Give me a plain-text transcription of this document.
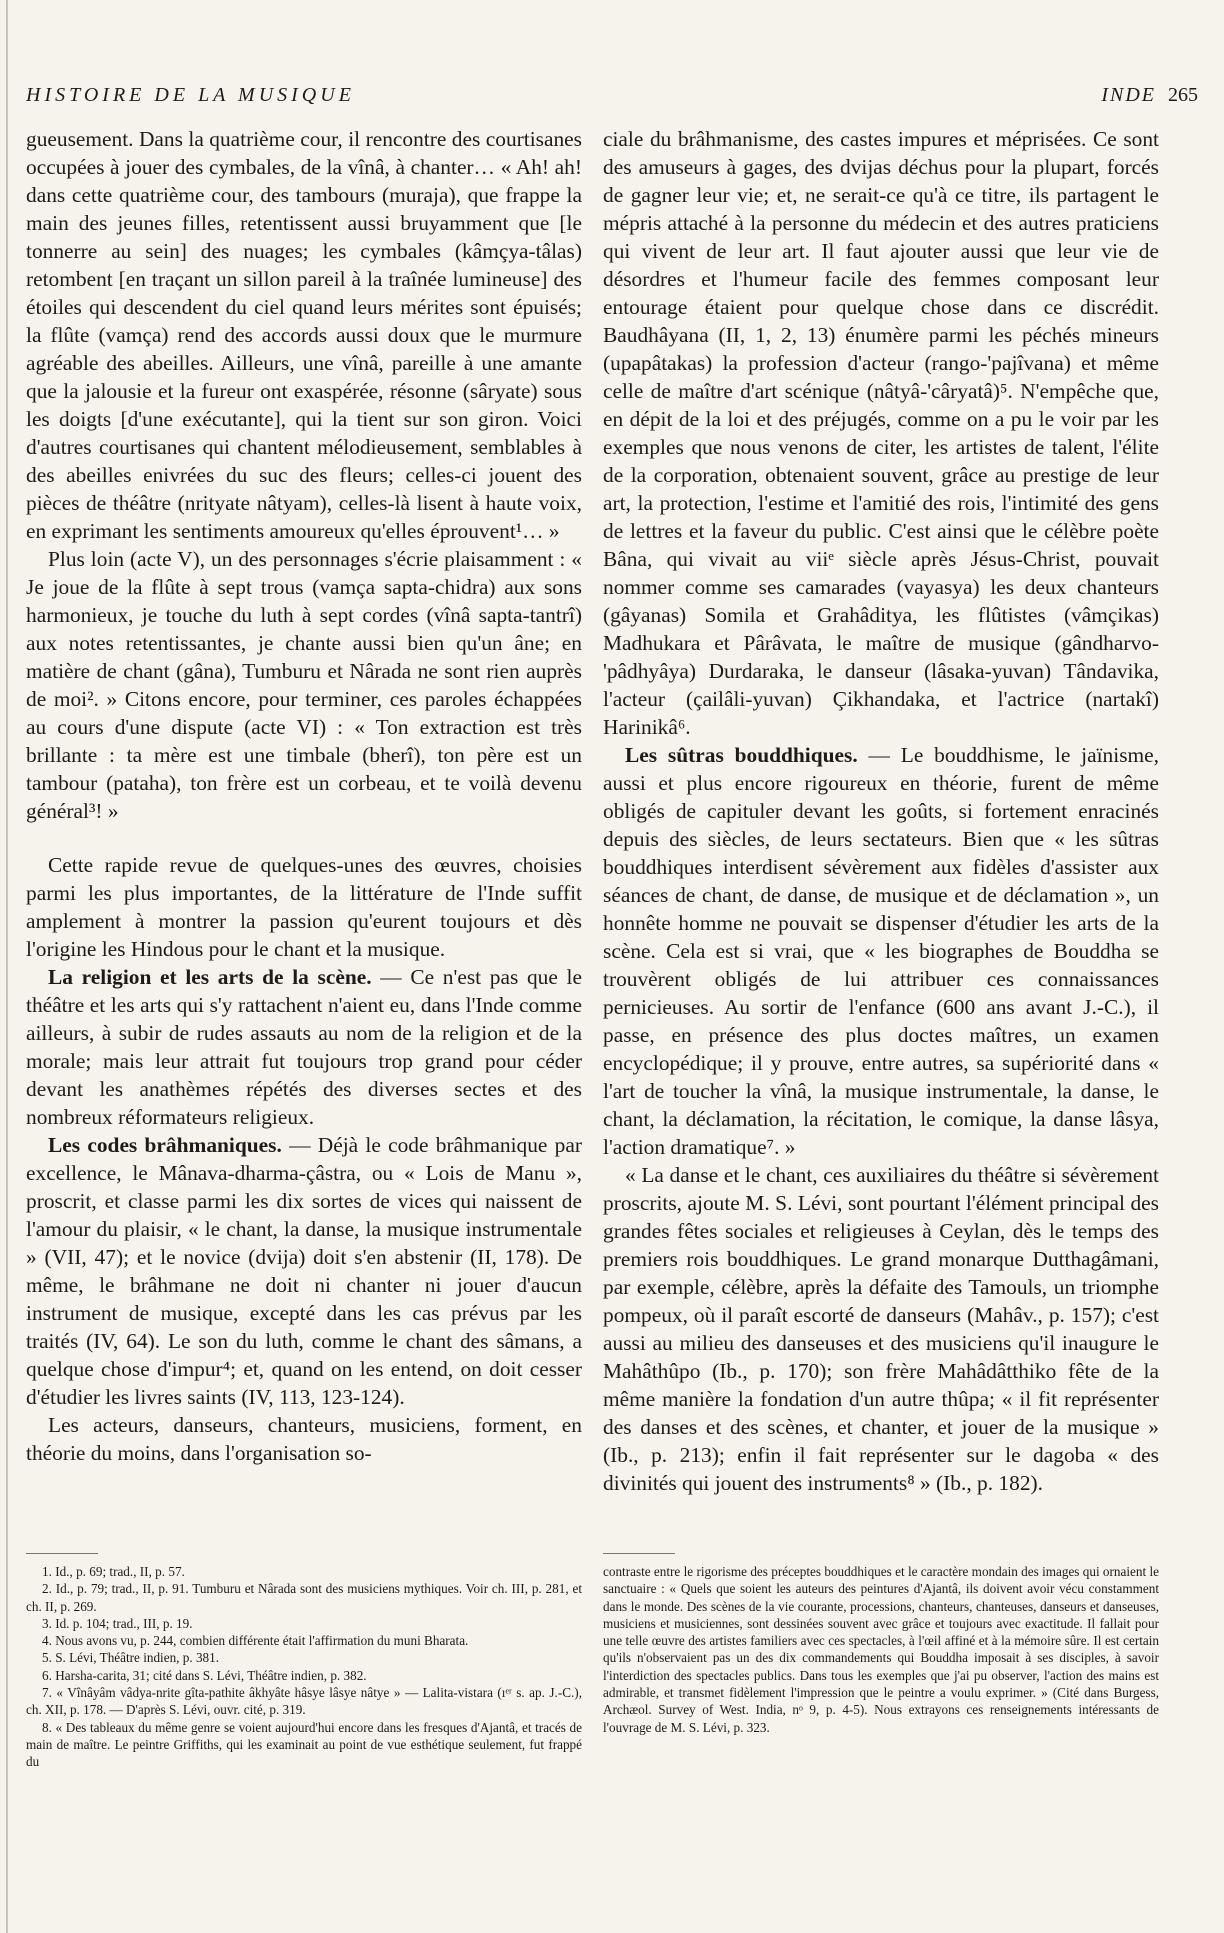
HISTOIRE DE LA MUSIQUE	INDE 265

gueusement. Dans la quatrième cour, il rencontre des courtisanes occupées à jouer des cymbales, de la vînâ, à chanter… « Ah! ah! dans cette quatrième cour, des tambours (muraja), que frappe la main des jeunes filles, retentissent aussi bruyamment que [le tonnerre au sein] des nuages; les cymbales (kâmçya-tâlas) retombent [en traçant un sillon pareil à la traînée lumineuse] des étoiles qui descendent du ciel quand leurs mérites sont épuisés; la flûte (vamça) rend des accords aussi doux que le murmure agréable des abeilles. Ailleurs, une vînâ, pareille à une amante que la jalousie et la fureur ont exaspérée, résonne (sâryate) sous les doigts [d'une exécutante], qui la tient sur son giron. Voici d'autres courtisanes qui chantent mélodieusement, semblables à des abeilles enivrées du suc des fleurs; celles-ci jouent des pièces de théâtre (nrityate nâtyam), celles-là lisent à haute voix, en exprimant les sentiments amoureux qu'elles éprouvent¹… »

Plus loin (acte V), un des personnages s'écrie plaisamment : « Je joue de la flûte à sept trous (vamça sapta-chidra) aux sons harmonieux, je touche du luth à sept cordes (vînâ sapta-tantrî) aux notes retentissantes, je chante aussi bien qu'un âne; en matière de chant (gâna), Tumburu et Nârada ne sont rien auprès de moi². » Citons encore, pour terminer, ces paroles échappées au cours d'une dispute (acte VI) : « Ton extraction est très brillante : ta mère est une timbale (bherî), ton père est un tambour (pataha), ton frère est un corbeau, et te voilà devenu général³! »

Cette rapide revue de quelques-unes des œuvres, choisies parmi les plus importantes, de la littérature de l'Inde suffit amplement à montrer la passion qu'eurent toujours et dès l'origine les Hindous pour le chant et la musique.

La religion et les arts de la scène. — Ce n'est pas que le théâtre et les arts qui s'y rattachent n'aient eu, dans l'Inde comme ailleurs, à subir de rudes assauts au nom de la religion et de la morale; mais leur attrait fut toujours trop grand pour céder devant les anathèmes répétés des diverses sectes et des nombreux réformateurs religieux.

Les codes brâhmaniques. — Déjà le code brâhmanique par excellence, le Mânava-dharma-çâstra, ou « Lois de Manu », proscrit, et classe parmi les dix sortes de vices qui naissent de l'amour du plaisir, « le chant, la danse, la musique instrumentale » (VII, 47); et le novice (dvija) doit s'en abstenir (II, 178). De même, le brâhmane ne doit ni chanter ni jouer d'aucun instrument de musique, excepté dans les cas prévus par les traités (IV, 64). Le son du luth, comme le chant des sâmans, a quelque chose d'impur⁴; et, quand on les entend, on doit cesser d'étudier les livres saints (IV, 113, 123-124).

Les acteurs, danseurs, chanteurs, musiciens, forment, en théorie du moins, dans l'organisation so-

ciale du brâhmanisme, des castes impures et méprisées. Ce sont des amuseurs à gages, des dvijas déchus pour la plupart, forcés de gagner leur vie; et, ne serait-ce qu'à ce titre, ils partagent le mépris attaché à la personne du médecin et des autres praticiens qui vivent de leur art. Il faut ajouter aussi que leur vie de désordres et l'humeur facile des femmes composant leur entourage étaient pour quelque chose dans ce discrédit. Baudhâyana (II, 1, 2, 13) énumère parmi les péchés mineurs (upapâtakas) la profession d'acteur (rango-'pajîvana) et même celle de maître d'art scénique (nâtyâ-'câryatâ)⁵. N'empêche que, en dépit de la loi et des préjugés, comme on a pu le voir par les exemples que nous venons de citer, les artistes de talent, l'élite de la corporation, obtenaient souvent, grâce au prestige de leur art, la protection, l'estime et l'amitié des rois, l'intimité des gens de lettres et la faveur du public. C'est ainsi que le célèbre poète Bâna, qui vivait au viiᵉ siècle après Jésus-Christ, pouvait nommer comme ses camarades (vayasya) les deux chanteurs (gâyanas) Somila et Grahâditya, les flûtistes (vâmçikas) Madhukara et Pârâvata, le maître de musique (gândharvo-'pâdhyâya) Durdaraka, le danseur (lâsaka-yuvan) Tândavika, l'acteur (çailâli-yuvan) Çikhandaka, et l'actrice (nartakî) Harinikâ⁶.

Les sûtras bouddhiques. — Le bouddhisme, le jaïnisme, aussi et plus encore rigoureux en théorie, furent de même obligés de capituler devant les goûts, si fortement enracinés depuis des siècles, de leurs sectateurs. Bien que « les sûtras bouddhiques interdisent sévèrement aux fidèles d'assister aux séances de chant, de danse, de musique et de déclamation », un honnête homme ne pouvait se dispenser d'étudier les arts de la scène. Cela est si vrai, que « les biographes de Bouddha se trouvèrent obligés de lui attribuer ces connaissances pernicieuses. Au sortir de l'enfance (600 ans avant J.-C.), il passe, en présence des plus doctes maîtres, un examen encyclopédique; il y prouve, entre autres, sa supériorité dans « l'art de toucher la vînâ, la musique instrumentale, la danse, le chant, la déclamation, la récitation, le comique, la danse lâsya, l'action dramatique⁷. »

« La danse et le chant, ces auxiliaires du théâtre si sévèrement proscrits, ajoute M. S. Lévi, sont pourtant l'élément principal des grandes fêtes sociales et religieuses à Ceylan, dès le temps des premiers rois bouddhiques. Le grand monarque Dutthagâmani, par exemple, célèbre, après la défaite des Tamouls, un triomphe pompeux, où il paraît escorté de danseurs (Mahâv., p. 157); c'est aussi au milieu des danseuses et des musiciens qu'il inaugure le Mahâthûpo (Ib., p. 170); son frère Mahâdâtthiko fête de la même manière la fondation d'un autre thûpa; « il fit représenter des danses et des scènes, et chanter, et jouer de la musique » (Ib., p. 213); enfin il fait représenter sur le dagoba « des divinités qui jouent des instruments⁸ » (Ib., p. 182).

1. Id., p. 69; trad., II, p. 57.

2. Id., p. 79; trad., II, p. 91. Tumburu et Nârada sont des musiciens mythiques. Voir ch. III, p. 281, et ch. II, p. 269.

3. Id. p. 104; trad., III, p. 19.

4. Nous avons vu, p. 244, combien différente était l'affirmation du muni Bharata.

5. S. Lévi, Théâtre indien, p. 381.

6. Harsha-carita, 31; cité dans S. Lévi, Théâtre indien, p. 382.

7. « Vînâyâm vâdya-nrite gîta-pathite âkhyâte hâsye lâsye nâtye » — Lalita-vistara (ıᵉʳ s. ap. J.-C.), ch. XII, p. 178. — D'après S. Lévi, ouvr. cité, p. 319.

8. « Des tableaux du même genre se voient aujourd'hui encore dans les fresques d'Ajantâ, et tracés de main de maître. Le peintre Griffiths, qui les examinait au point de vue esthétique seulement, fut frappé du

contraste entre le rigorisme des préceptes bouddhiques et le caractère mondain des images qui ornaient le sanctuaire : « Quels que soient les auteurs des peintures d'Ajantâ, ils doivent avoir vécu constamment dans le monde. Des scènes de la vie courante, processions, chanteurs, chanteuses, danseurs et danseuses, musiciens et musiciennes, sont dessinées souvent avec grâce et toujours avec exactitude. Il fallait pour une telle œuvre des artistes familiers avec ces spectacles, à l'œil affiné et à la mémoire sûre. Il est certain qu'ils n'observaient pas un des dix commandements qui Bouddha imposait à ses disciples, à savoir l'interdiction des spectacles publics. Dans tous les exemples que j'ai pu observer, l'action des mains est admirable, et transmet fidèlement l'impression que le peintre a voulu exprimer. » (Cité dans Burgess, Archæol. Survey of West. India, nᵒ 9, p. 4-5). Nous extrayons ces renseignements intéressants de l'ouvrage de M. S. Lévi, p. 323.
